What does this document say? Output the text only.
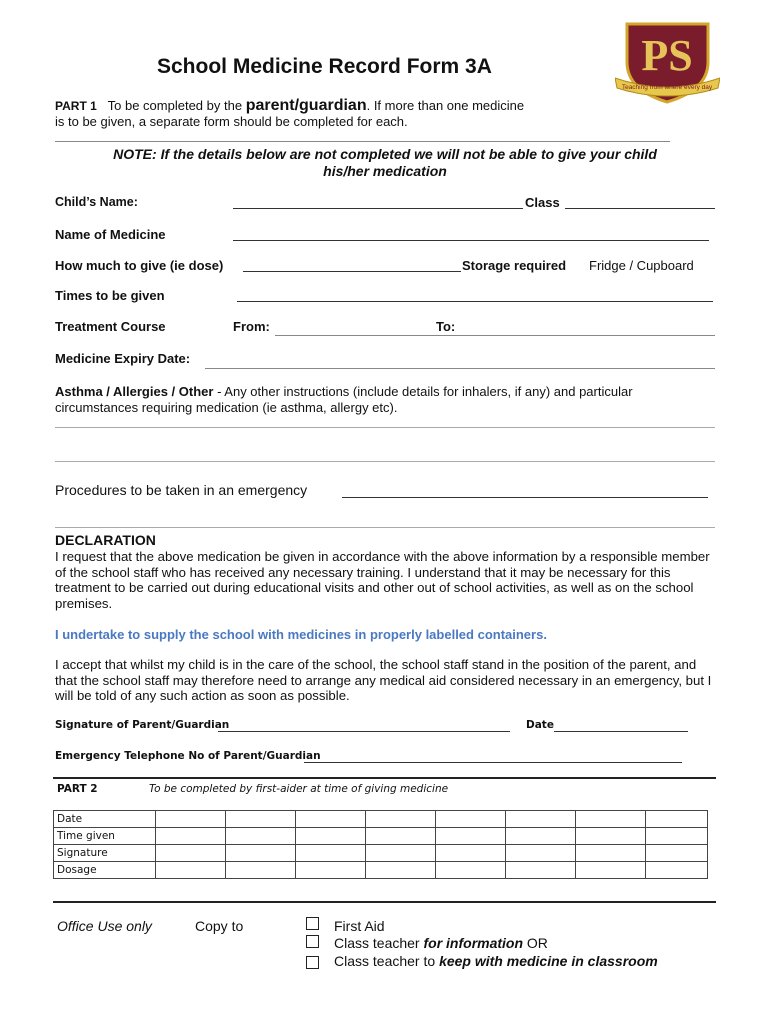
School Medicine Record Form 3A	PS
Teaching from where every day
PART 1 To be completed by the parent/guardian. If more than one medicine
is to be given, a separate form should be completed for each.
NOTE: If the details below are not completed we will not be able to give your child
his/her medication
Child’s Name:	Class
Name of Medicine
How much to give (ie dose)	Storage required Fridge / Cupboard
Times to be given
Treatment Course	From:	To:
Medicine Expiry Date:
Asthma / Allergies / Other - Any other instructions (include details for inhalers, if any) and particular
circumstances requiring medication (ie asthma, allergy etc).
Procedures to be taken in an emergency
DECLARATION
I request that the above medication be given in accordance with the above information by a responsible member of the school staff who has received any necessary training. I understand that it may be necessary for this treatment to be carried out during educational visits and other out of school activities, as well as on the school premises.
I undertake to supply the school with medicines in properly labelled containers.
I accept that whilst my child is in the care of the school, the school staff stand in the position of the parent, and that the school staff may therefore need to arrange any medical aid considered necessary in an emergency, but I will be told of any such action as soon as possible.
Signature of Parent/Guardian	Date
Emergency Telephone No of Parent/Guardian
PART 2	To be completed by first-aider at time of giving medicine
Date								
Time given								
Signature								
Dosage								
Office Use only	Copy to	First Aid
Class teacher for information OR
Class teacher to keep with medicine in classroom
